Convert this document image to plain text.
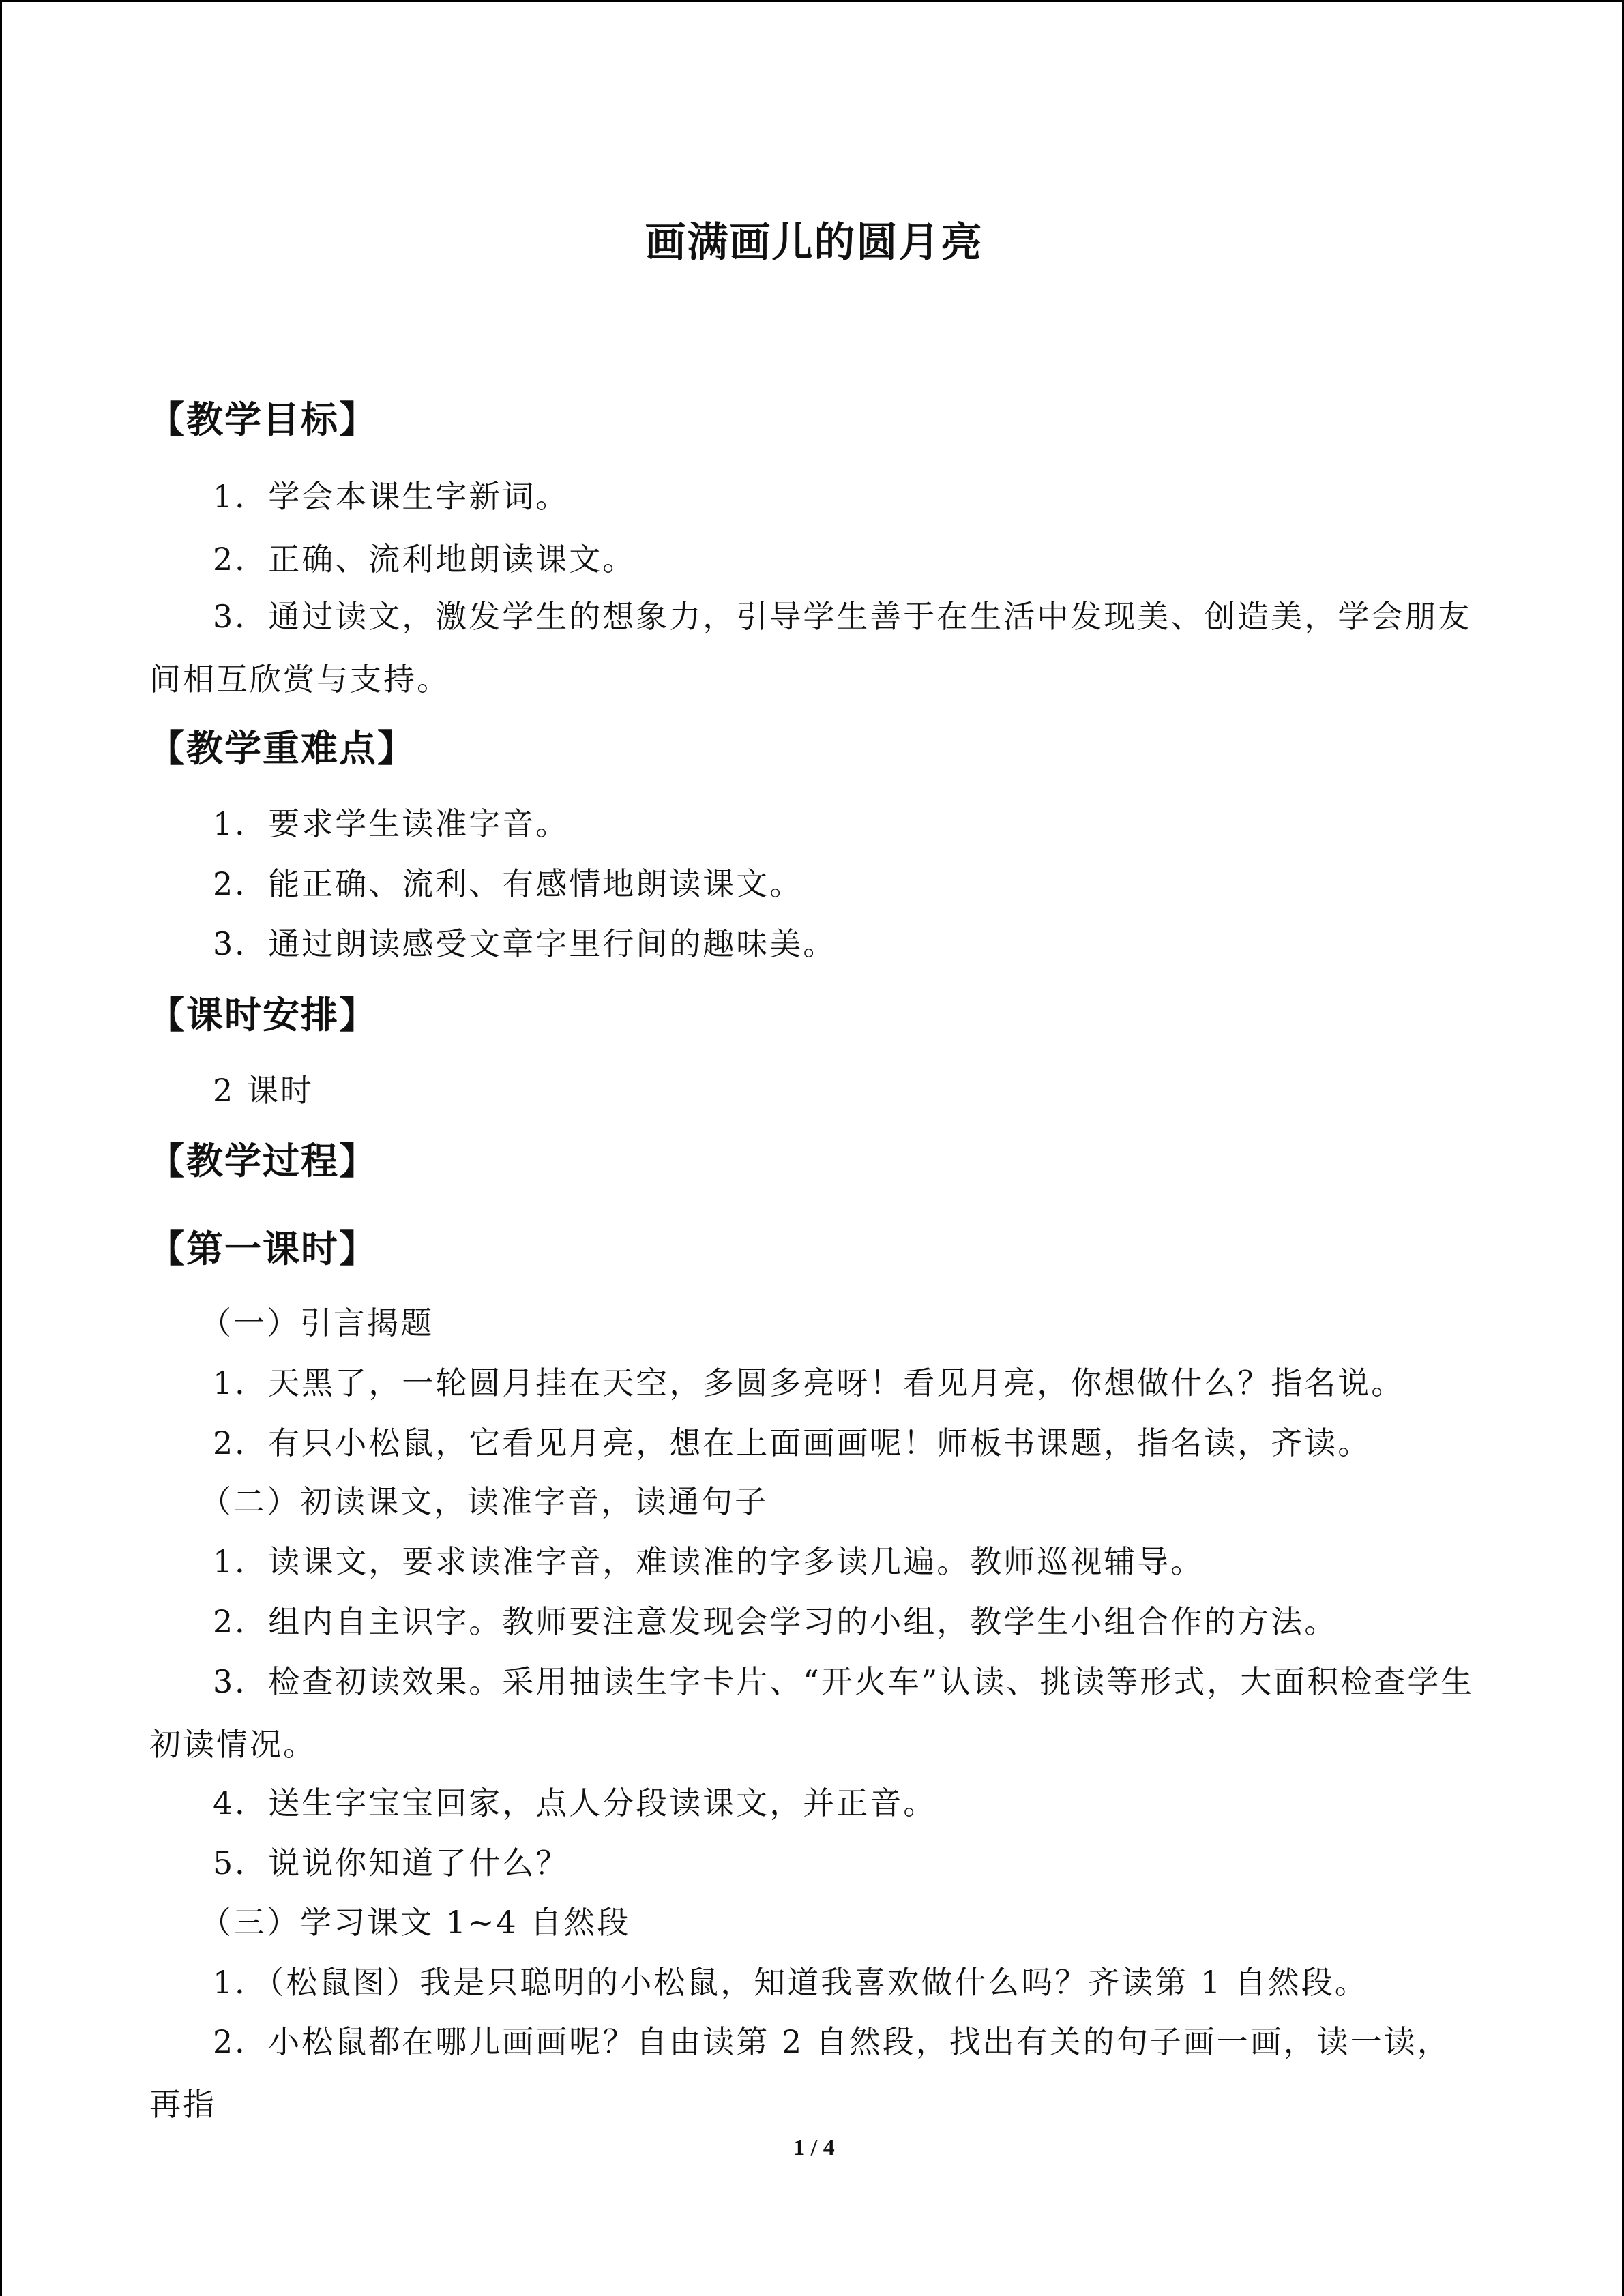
画满画儿的圆月亮
【教学目标】
1．学会本课生字新词。
2．正确、流利地朗读课文。
3．通过读文，激发学生的想象力，引导学生善于在生活中发现美、创造美，学会朋友间相互欣赏与支持。
【教学重难点】
1．要求学生读准字音。
2．能正确、流利、有感情地朗读课文。
3．通过朗读感受文章字里行间的趣味美。
【课时安排】
2 课时
【教学过程】
【第一课时】
（一）引言揭题
1．天黑了，一轮圆月挂在天空，多圆多亮呀！看见月亮，你想做什么？指名说。
2．有只小松鼠，它看见月亮，想在上面画画呢！师板书课题，指名读，齐读。
（二）初读课文，读准字音，读通句子
1．读课文，要求读准字音，难读准的字多读几遍。教师巡视辅导。
2．组内自主识字。教师要注意发现会学习的小组，教学生小组合作的方法。
3．检查初读效果。采用抽读生字卡片、“开火车”认读、挑读等形式，大面积检查学生初读情况。
4．送生字宝宝回家，点人分段读课文，并正音。
5．说说你知道了什么？
（三）学习课文 1~4 自然段
1．（松鼠图）我是只聪明的小松鼠，知道我喜欢做什么吗？齐读第 1 自然段。
2．小松鼠都在哪儿画画呢？自由读第 2 自然段，找出有关的句子画一画，读一读，再指
1 / 4
